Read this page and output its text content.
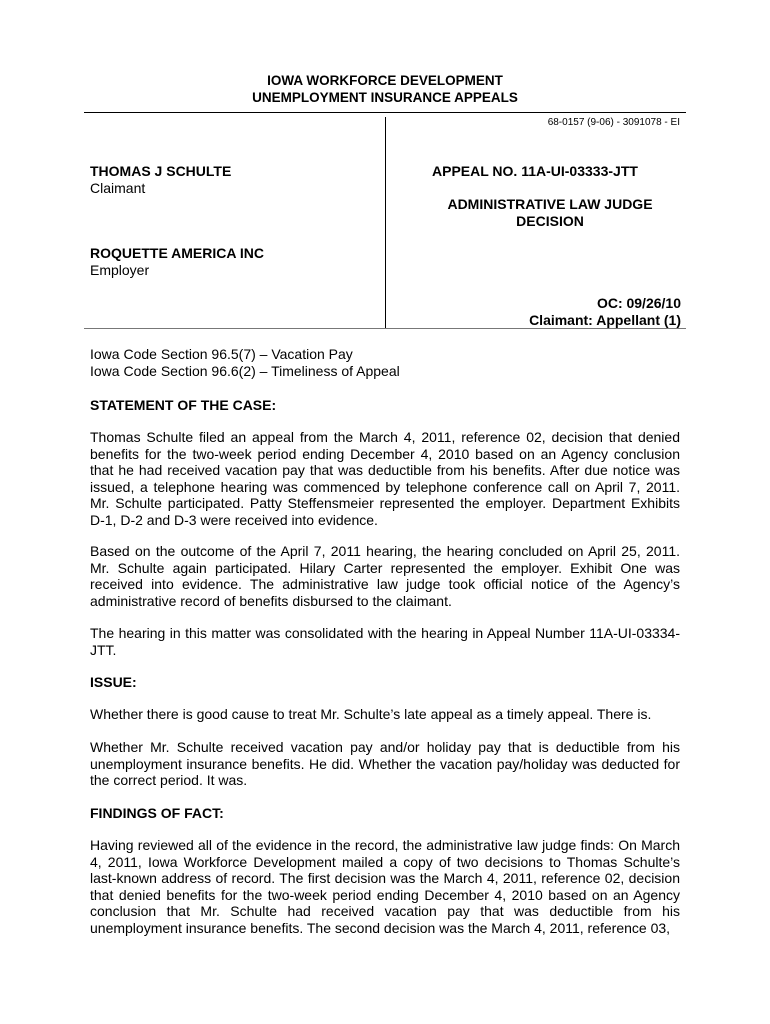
IOWA WORKFORCE DEVELOPMENT
UNEMPLOYMENT INSURANCE APPEALS
68-0157 (9-06) - 3091078 - EI
THOMAS J SCHULTE
Claimant
ROQUETTE AMERICA INC
Employer
APPEAL NO. 11A-UI-03333-JTT
ADMINISTRATIVE LAW JUDGE
DECISION
OC: 09/26/10
Claimant: Appellant (1)
Iowa Code Section 96.5(7) – Vacation Pay
Iowa Code Section 96.6(2) – Timeliness of Appeal
STATEMENT OF THE CASE:
Thomas Schulte filed an appeal from the March 4, 2011, reference 02, decision that denied benefits for the two-week period ending December 4, 2010 based on an Agency conclusion that he had received vacation pay that was deductible from his benefits. After due notice was issued, a telephone hearing was commenced by telephone conference call on April 7, 2011. Mr. Schulte participated. Patty Steffensmeier represented the employer. Department Exhibits D-1, D-2 and D-3 were received into evidence.
Based on the outcome of the April 7, 2011 hearing, the hearing concluded on April 25, 2011. Mr. Schulte again participated. Hilary Carter represented the employer. Exhibit One was received into evidence. The administrative law judge took official notice of the Agency’s administrative record of benefits disbursed to the claimant.
The hearing in this matter was consolidated with the hearing in Appeal Number 11A-UI-03334-JTT.
ISSUE:
Whether there is good cause to treat Mr. Schulte’s late appeal as a timely appeal. There is.
Whether Mr. Schulte received vacation pay and/or holiday pay that is deductible from his unemployment insurance benefits. He did. Whether the vacation pay/holiday was deducted for the correct period. It was.
FINDINGS OF FACT:
Having reviewed all of the evidence in the record, the administrative law judge finds: On March 4, 2011, Iowa Workforce Development mailed a copy of two decisions to Thomas Schulte’s last-known address of record. The first decision was the March 4, 2011, reference 02, decision that denied benefits for the two-week period ending December 4, 2010 based on an Agency conclusion that Mr. Schulte had received vacation pay that was deductible from his unemployment insurance benefits. The second decision was the March 4, 2011, reference 03,
